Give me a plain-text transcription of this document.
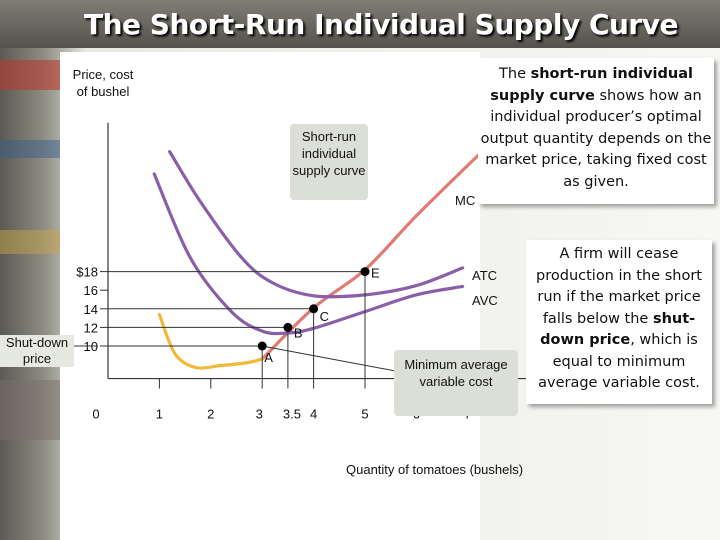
The Short-Run Individual Supply Curve
0	1	2	3 3.5 4	5
$18
16
14
12
10
E
C
B
A
Price, cost of bushel
Short-run individual supply curve
Minimum average variable cost
Shut-down price
Quantity of tomatoes (bushels)
MC
ATC
AVC
The short-run individual supply curve shows how an individual producer’s optimal output quantity depends on the market price, taking fixed cost as given.
A firm will cease production in the short run if the market price falls below the shut-down price, which is equal to minimum average variable cost.
